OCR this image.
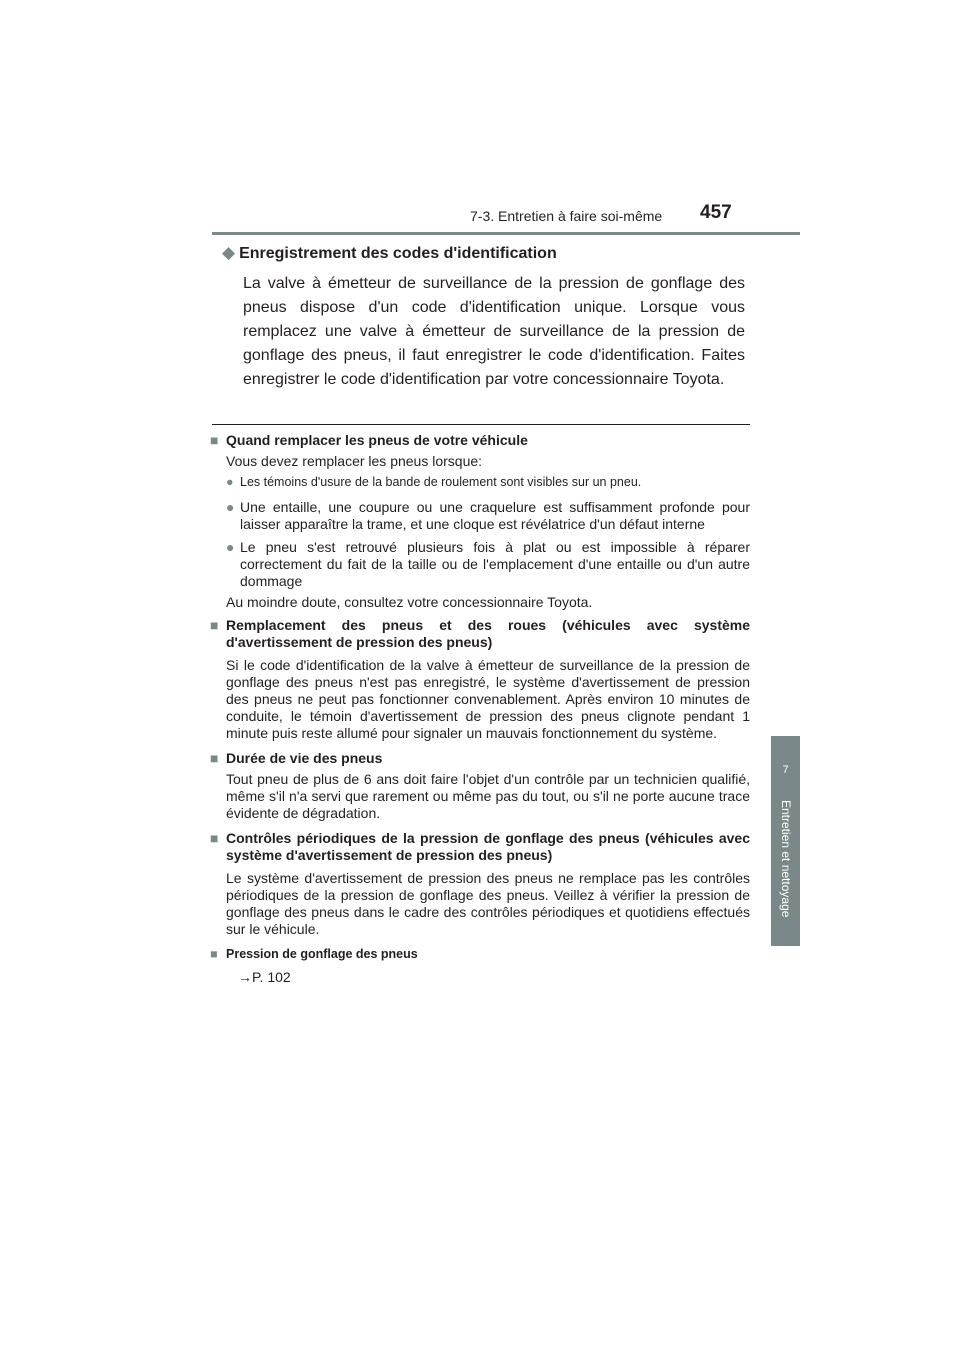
7-3. Entretien à faire soi-même	457
7
Entretien et nettoyage
◆ Enregistrement des codes d'identification
La valve à émetteur de surveillance de la pression de gonflage des pneus dispose d'un code d'identification unique. Lorsque vous remplacez une valve à émetteur de surveillance de la pression de gonflage des pneus, il faut enregistrer le code d'identification. Faites enregistrer le code d'identification par votre concessionnaire Toyota.

■ Quand remplacer les pneus de votre véhicule

Vous devez remplacer les pneus lorsque:

● Les témoins d'usure de la bande de roulement sont visibles sur un pneu.

● Une entaille, une coupure ou une craquelure est suffisamment profonde pour laisser apparaître la trame, et une cloque est révélatrice d'un défaut interne

● Le pneu s'est retrouvé plusieurs fois à plat ou est impossible à réparer correctement du fait de la taille ou de l'emplacement d'une entaille ou d'un autre dommage

Au moindre doute, consultez votre concessionnaire Toyota.

■ Remplacement des pneus et des roues (véhicules avec système d'avertissement de pression des pneus)

Si le code d'identification de la valve à émetteur de surveillance de la pression de gonflage des pneus n'est pas enregistré, le système d'avertissement de pression des pneus ne peut pas fonctionner convenablement. Après environ 10 minutes de conduite, le témoin d'avertissement de pression des pneus clignote pendant 1 minute puis reste allumé pour signaler un mauvais fonctionnement du système.

■ Durée de vie des pneus

Tout pneu de plus de 6 ans doit faire l'objet d'un contrôle par un technicien qualifié, même s'il n'a servi que rarement ou même pas du tout, ou s'il ne porte aucune trace évidente de dégradation.

■ Contrôles périodiques de la pression de gonflage des pneus (véhicules avec système d'avertissement de pression des pneus)

Le système d'avertissement de pression des pneus ne remplace pas les contrôles périodiques de la pression de gonflage des pneus. Veillez à vérifier la pression de gonflage des pneus dans le cadre des contrôles périodiques et quotidiens effectués sur le véhicule.

■ Pression de gonflage des pneus

→P. 102
